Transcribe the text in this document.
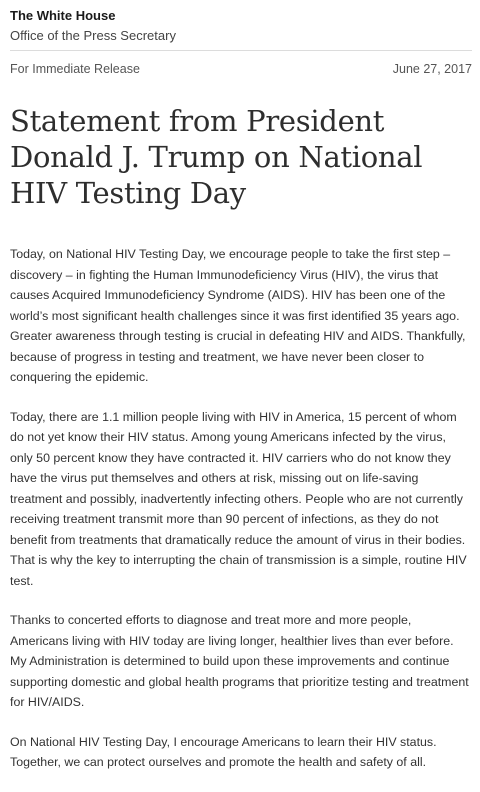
The White House
Office of the Press Secretary
For Immediate Release	June 27, 2017
Statement from President Donald J. Trump on National HIV Testing Day

Today, on National HIV Testing Day, we encourage people to take the first step – discovery – in fighting the Human Immunodeficiency Virus (HIV), the virus that causes Acquired Immunodeficiency Syndrome (AIDS). HIV has been one of the world’s most significant health challenges since it was first identified 35 years ago. Greater awareness through testing is crucial in defeating HIV and AIDS. Thankfully, because of progress in testing and treatment, we have never been closer to conquering the epidemic.

Today, there are 1.1 million people living with HIV in America, 15 percent of whom do not yet know their HIV status. Among young Americans infected by the virus, only 50 percent know they have contracted it. HIV carriers who do not know they have the virus put themselves and others at risk, missing out on life-saving treatment and possibly, inadvertently infecting others. People who are not currently receiving treatment transmit more than 90 percent of infections, as they do not benefit from treatments that dramatically reduce the amount of virus in their bodies. That is why the key to interrupting the chain of transmission is a simple, routine HIV test.

Thanks to concerted efforts to diagnose and treat more and more people, Americans living with HIV today are living longer, healthier lives than ever before. My Administration is determined to build upon these improvements and continue supporting domestic and global health programs that prioritize testing and treatment for HIV/AIDS.

On National HIV Testing Day, I encourage Americans to learn their HIV status. Together, we can protect ourselves and promote the health and safety of all.
